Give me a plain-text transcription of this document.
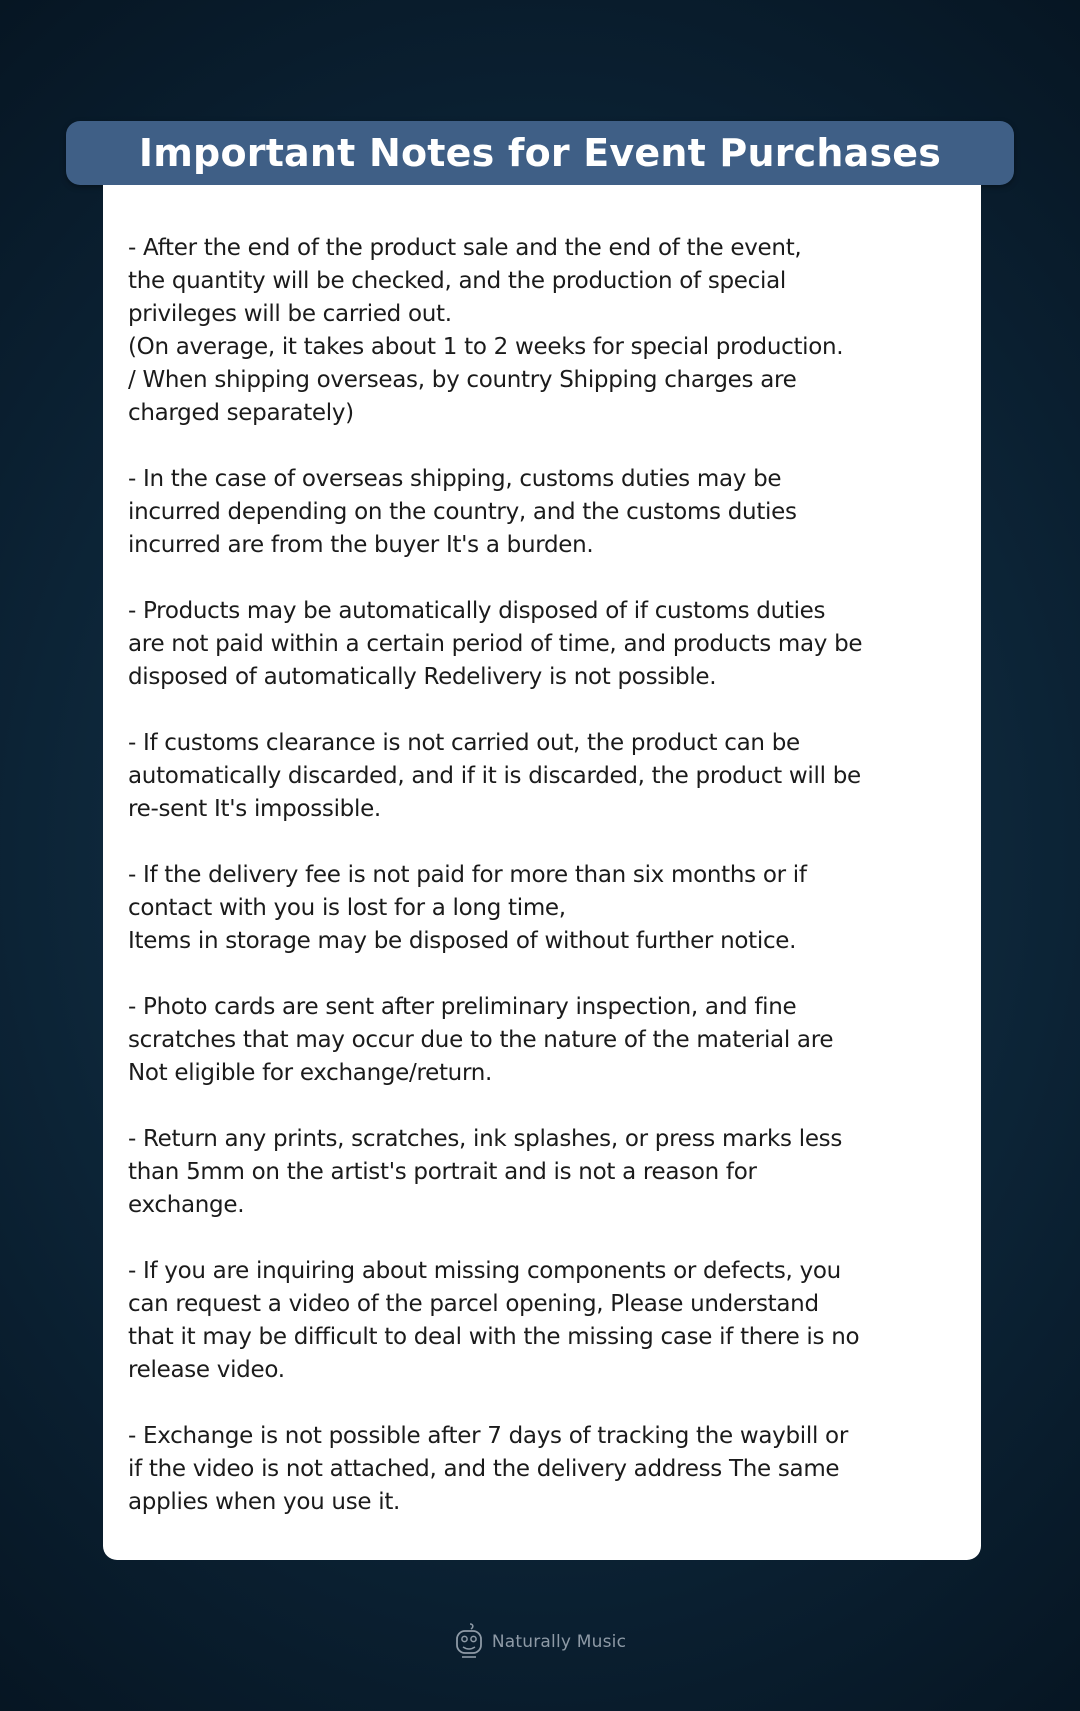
Important Notes for Event Purchases
- After the end of the product sale and the end of the event,
the quantity will be checked, and the production of special
privileges will be carried out.
(On average, it takes about 1 to 2 weeks for special production.
/ When shipping overseas, by country Shipping charges are
charged separately)
- In the case of overseas shipping, customs duties may be
incurred depending on the country, and the customs duties
incurred are from the buyer It's a burden.
- Products may be automatically disposed of if customs duties
are not paid within a certain period of time, and products may be
disposed of automatically Redelivery is not possible.
- If customs clearance is not carried out, the product can be
automatically discarded, and if it is discarded, the product will be
re-sent It's impossible.
- If the delivery fee is not paid for more than six months or if
contact with you is lost for a long time,
Items in storage may be disposed of without further notice.
- Photo cards are sent after preliminary inspection, and fine
scratches that may occur due to the nature of the material are
Not eligible for exchange/return.
- Return any prints, scratches, ink splashes, or press marks less
than 5mm on the artist's portrait and is not a reason for
exchange.
- If you are inquiring about missing components or defects, you
can request a video of the parcel opening, Please understand
that it may be difficult to deal with the missing case if there is no
release video.
- Exchange is not possible after 7 days of tracking the waybill or
if the video is not attached, and the delivery address The same
applies when you use it.
Naturally Music
